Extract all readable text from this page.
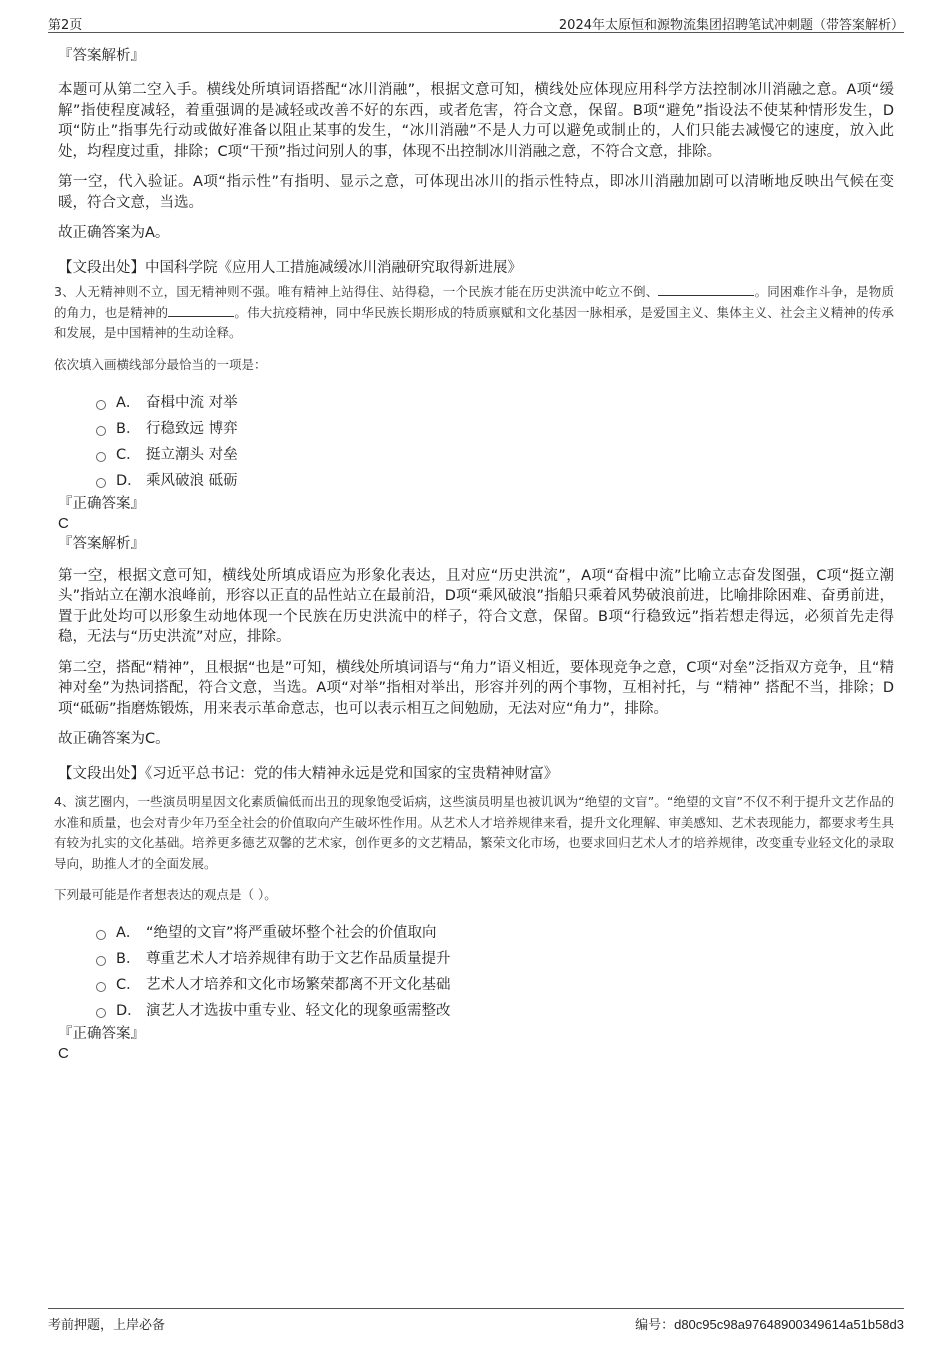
第2页	2024年太原恒和源物流集团招聘笔试冲刺题（带答案解析）

『答案解析』

本题可从第二空入手。横线处所填词语搭配“冰川消融”，根据文意可知，横线处应体现应用科学方法控制冰川消融之意。A项“缓解”指使程度减轻，着重强调的是减轻或改善不好的东西，或者危害，符合文意，保留。B项“避免”指设法不使某种情形发生，D项“防止”指事先行动或做好准备以阻止某事的发生，“冰川消融”不是人力可以避免或制止的，人们只能去减慢它的速度，放入此处，均程度过重，排除；C项“干预”指过问别人的事，体现不出控制冰川消融之意，不符合文意，排除。

第一空，代入验证。A项“指示性”有指明、显示之意，可体现出冰川的指示性特点，即冰川消融加剧可以清晰地反映出气候在变暖，符合文意，当选。

故正确答案为A。

【文段出处】中国科学院《应用人工措施减缓冰川消融研究取得新进展》

3、人无精神则不立，国无精神则不强。唯有精神上站得住、站得稳，一个民族才能在历史洪流中屹立不倒、	。同困难作斗争，是物质的角力，也是精神的	。伟大抗疫精神，同中华民族长期形成的特质禀赋和文化基因一脉相承，是爱国主义、集体主义、社会主义精神的传承和发展，是中国精神的生动诠释。

依次填入画横线部分最恰当的一项是：

A． 奋楫中流 对举
B． 行稳致远 博弈
C． 挺立潮头 对垒
D． 乘风破浪 砥砺

『正确答案』

C

『答案解析』

第一空，根据文意可知，横线处所填成语应为形象化表达，且对应“历史洪流”，A项“奋楫中流”比喻立志奋发图强，C项“挺立潮头”指站立在潮水浪峰前，形容以正直的品性站立在最前沿，D项“乘风破浪”指船只乘着风势破浪前进，比喻排除困难、奋勇前进，置于此处均可以形象生动地体现一个民族在历史洪流中的样子，符合文意，保留。B项“行稳致远”指若想走得远，必须首先走得稳，无法与“历史洪流”对应，排除。

第二空，搭配“精神”，且根据“也是”可知，横线处所填词语与“角力”语义相近，要体现竞争之意，C项“对垒”泛指双方竞争，且“精神对垒”为热词搭配，符合文意，当选。A项“对举”指相对举出，形容并列的两个事物，互相衬托，与 “精神” 搭配不当，排除；D项“砥砺”指磨炼锻炼，用来表示革命意志，也可以表示相互之间勉励，无法对应“角力”，排除。

故正确答案为C。

【文段出处】《习近平总书记：党的伟大精神永远是党和国家的宝贵精神财富》

4、演艺圈内，一些演员明星因文化素质偏低而出丑的现象饱受诟病，这些演员明星也被讥讽为“绝望的文盲”。“绝望的文盲”不仅不利于提升文艺作品的水准和质量，也会对青少年乃至全社会的价值取向产生破坏性作用。从艺术人才培养规律来看，提升文化理解、审美感知、艺术表现能力，都要求考生具有较为扎实的文化基础。培养更多德艺双馨的艺术家，创作更多的文艺精品，繁荣文化市场，也要求回归艺术人才的培养规律，改变重专业轻文化的录取导向，助推人才的全面发展。

下列最可能是作者想表达的观点是（ ）。

A． “绝望的文盲”将严重破坏整个社会的价值取向
B． 尊重艺术人才培养规律有助于文艺作品质量提升
C． 艺术人才培养和文化市场繁荣都离不开文化基础
D． 演艺人才选拔中重专业、轻文化的现象亟需整改

『正确答案』

C

考前押题，上岸必备	编号：d80c95c98a97648900349614a51b58d3
